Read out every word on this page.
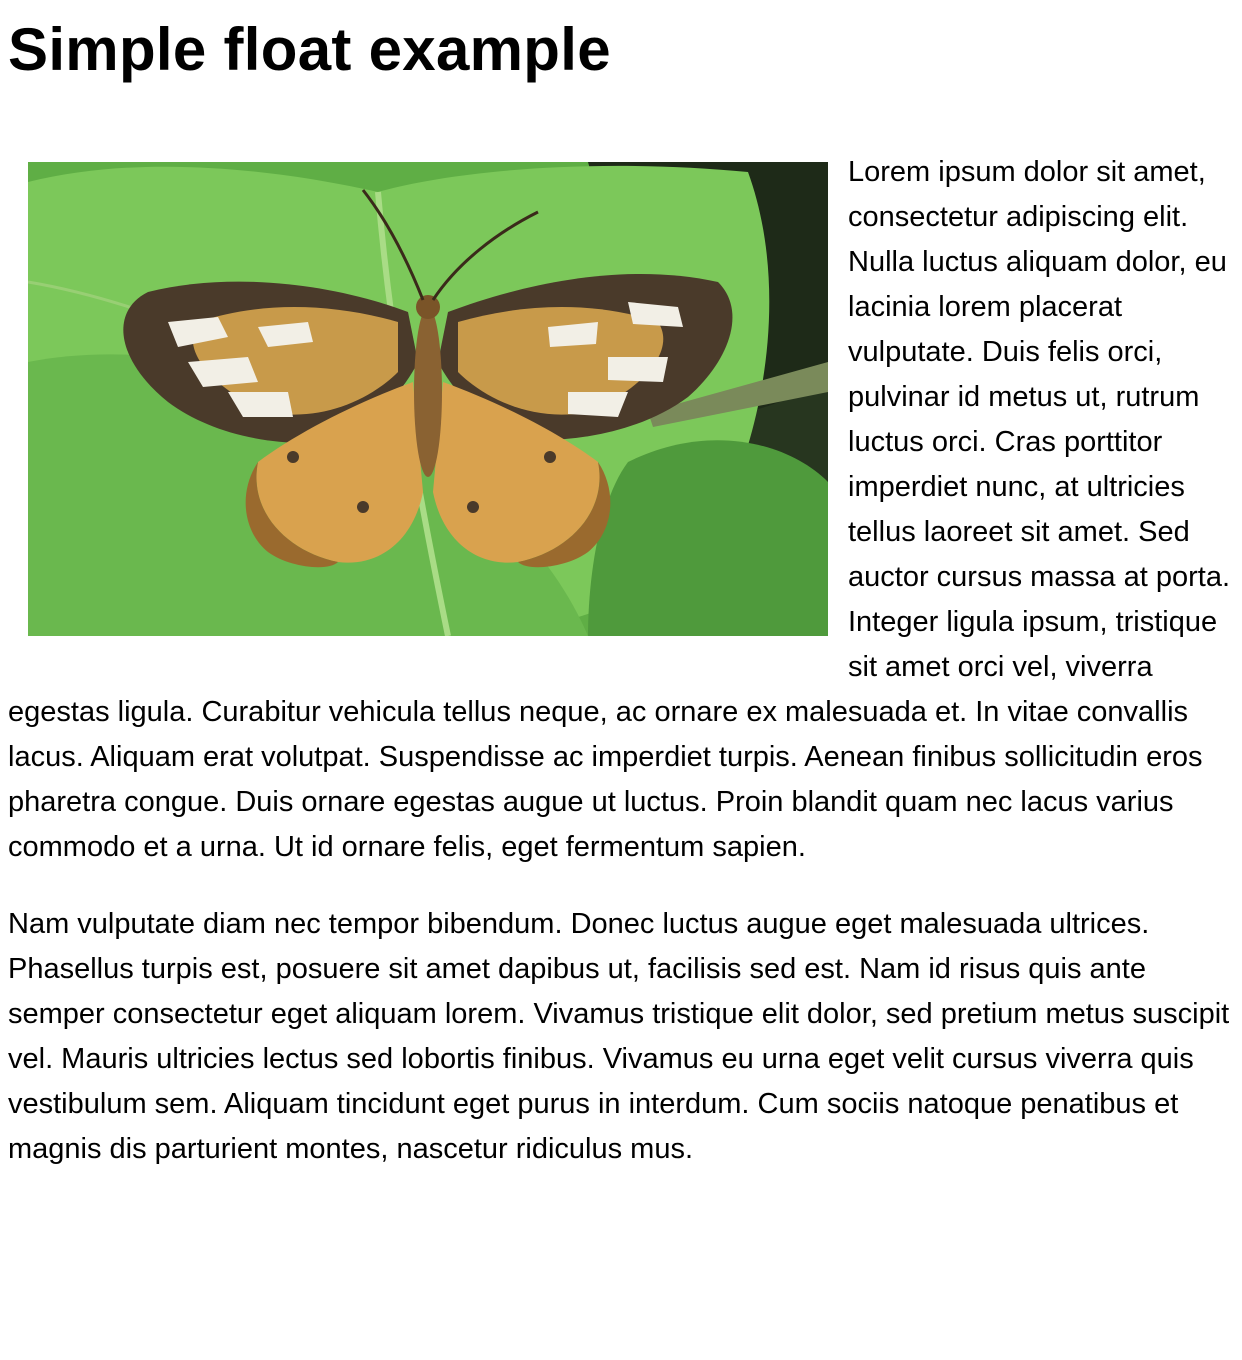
Simple float example

Lorem ipsum dolor sit amet, consectetur adipiscing elit. Nulla luctus aliquam dolor, eu lacinia lorem placerat vulputate. Duis felis orci, pulvinar id metus ut, rutrum luctus orci. Cras porttitor imperdiet nunc, at ultricies tellus laoreet sit amet. Sed auctor cursus massa at porta. Integer ligula ipsum, tristique sit amet orci vel, viverra egestas ligula. Curabitur vehicula tellus neque, ac ornare ex malesuada et. In vitae convallis lacus. Aliquam erat volutpat. Suspendisse ac imperdiet turpis. Aenean finibus sollicitudin eros pharetra congue. Duis ornare egestas augue ut luctus. Proin blandit quam nec lacus varius commodo et a urna. Ut id ornare felis, eget fermentum sapien.

Nam vulputate diam nec tempor bibendum. Donec luctus augue eget malesuada ultrices. Phasellus turpis est, posuere sit amet dapibus ut, facilisis sed est. Nam id risus quis ante semper consectetur eget aliquam lorem. Vivamus tristique elit dolor, sed pretium metus suscipit vel. Mauris ultricies lectus sed lobortis finibus. Vivamus eu urna eget velit cursus viverra quis vestibulum sem. Aliquam tincidunt eget purus in interdum. Cum sociis natoque penatibus et magnis dis parturient montes, nascetur ridiculus mus.
